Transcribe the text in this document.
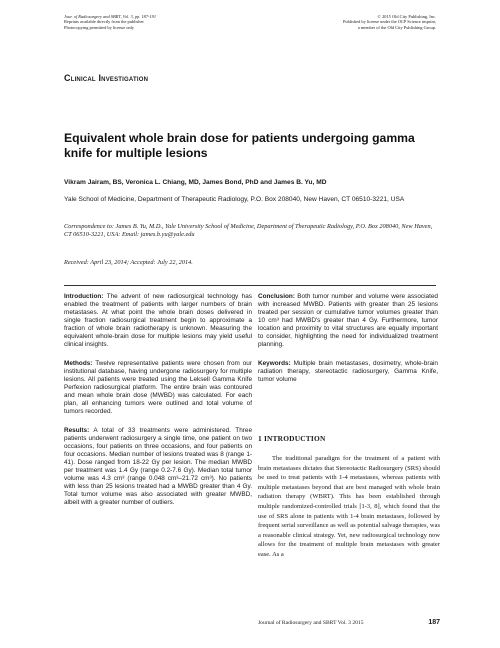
Jour. of Radiosurgery and SBRT, Vol. 3, pp. 187-191
Reprints available directly from the publisher
Photocopying permitted by license only
© 2015 Old City Publishing, Inc.
Published by license under the OCP Science imprint,
a member of the Old City Publishing Group.
Clinical Investigation
Equivalent whole brain dose for patients undergoing gamma knife for multiple lesions
Vikram Jairam, BS, Veronica L. Chiang, MD, James Bond, PhD and James B. Yu, MD
Yale School of Medicine, Department of Therapeutic Radiology, P.O. Box 208040, New Haven, CT 06510-3221, USA
Correspondence to: James B. Yu, M.D., Yale University School of Medicine, Department of Therapeutic Radiology, P.O. Box 208040, New Haven, CT 06510-3221, USA: Email: james.b.yu@yale.edu
Received: April 23, 2014; Accepted: July 22, 2014.

Introduction: The advent of new radiosurgical technology has enabled the treatment of patients with larger numbers of brain metastases. At what point the whole brain doses delivered in single fraction radiosurgical treatment begin to approximate a fraction of whole brain radiotherapy is unknown. Measuring the equivalent whole-brain dose for multiple lesions may yield useful clinical insights.

Methods: Twelve representative patients were chosen from our institutional database, having undergone radiosurgery for multiple lesions. All patients were treated using the Leksell Gamma Knife Perfexion radiosurgical platform. The entire brain was contoured and mean whole brain dose (MWBD) was calculated. For each plan, all enhancing tumors were outlined and total volume of tumors recorded.

Results: A total of 33 treatments were administered. Three patients underwent radiosurgery a single time, one patient on two occasions, four patients on three occasions, and four patients on four occasions. Median number of lesions treated was 8 (range 1-41). Dose ranged from 18-22 Gy per lesion. The median MWBD per treatment was 1.4 Gy (range 0.2-7.6 Gy). Median total tumor volume was 4.3 cm³ (range 0.048 cm³–21.72 cm³). No patients with less than 25 lesions treated had a MWBD greater than 4 Gy. Total tumor volume was also associated with greater MWBD, albeit with a greater number of outliers.

Conclusion: Both tumor number and volume were associated with increased MWBD. Patients with greater than 25 lesions treated per session or cumulative tumor volumes greater than 10 cm³ had MWBD's greater than 4 Gy. Furthermore, tumor location and proximity to vital structures are equally important to consider, highlighting the need for individualized treatment planning.

Keywords: Multiple brain metastases, dosimetry, whole-brain radiation therapy, stereotactic radiosurgery, Gamma Knife, tumor volume

1 INTRODUCTION

The traditional paradigm for the treatment of a patient with brain metastases dictates that Stereotactic Radiosurgery (SRS) should be used to treat patients with 1-4 metastases, whereas patients with multiple metastases beyond that are best managed with whole brain radiation therapy (WBRT). This has been established through multiple randomized-controlled trials [1-3, 8], which found that the use of SRS alone in patients with 1-4 brain metastases, followed by frequent serial surveillance as well as potential salvage therapies, was a reasonable clinical strategy. Yet, new radiosurgical technology now allows for the treatment of multiple brain metastases with greater ease. As a

Journal of Radiosurgery and SBRT Vol. 3 2015	187
